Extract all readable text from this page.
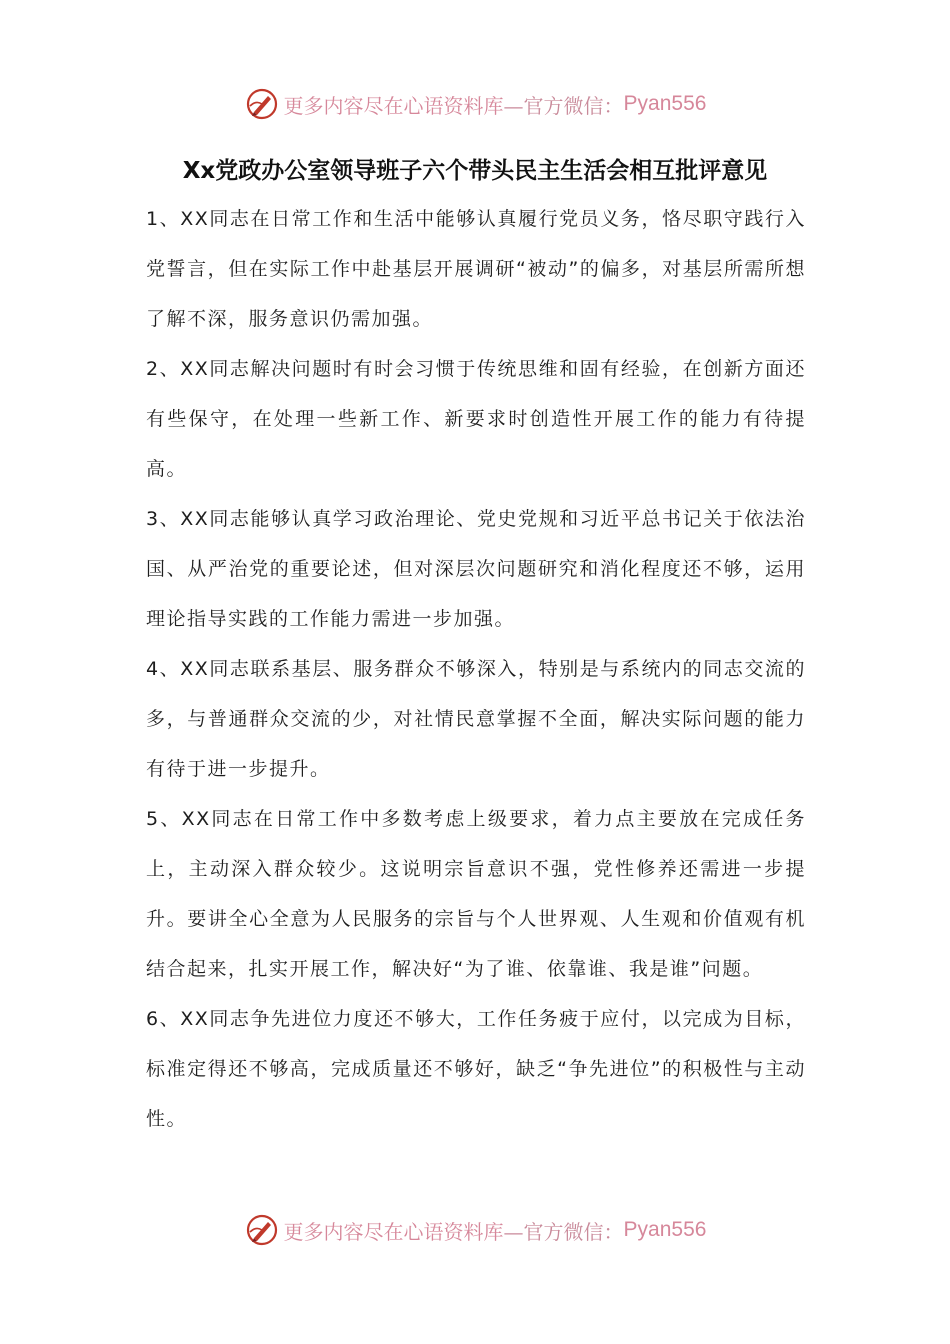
更多内容尽在心语资料库 —官方微信： Pyan556
Xx党政办公室领导班子六个带头民主生活会相互批评意见

1、XX同志在日常工作和生活中能够认真履行党员义务，恪尽职守践行入党誓言，但在实际工作中赴基层开展调研“被动”的偏多，对基层所需所想了解不深，服务意识仍需加强。

2、XX同志解决问题时有时会习惯于传统思维和固有经验，在创新方面还有些保守，在处理一些新工作、新要求时创造性开展工作的能力有待提高。

3、XX同志能够认真学习政治理论、党史党规和习近平总书记关于依法治国、从严治党的重要论述，但对深层次问题研究和消化程度还不够，运用理论指导实践的工作能力需进一步加强。

4、XX同志联系基层、服务群众不够深入，特别是与系统内的同志交流的多，与普通群众交流的少，对社情民意掌握不全面，解决实际问题的能力有待于进一步提升。

5、XX同志在日常工作中多数考虑上级要求，着力点主要放在完成任务上，主动深入群众较少。这说明宗旨意识不强，党性修养还需进一步提升。要讲全心全意为人民服务的宗旨与个人世界观、人生观和价值观有机结合起来，扎实开展工作，解决好“为了谁、依靠谁、我是谁”问题。

6、XX同志争先进位力度还不够大，工作任务疲于应付，以完成为目标，标准定得还不够高，完成质量还不够好，缺乏“争先进位”的积极性与主动性。

更多内容尽在心语资料库 —官方微信： Pyan556
